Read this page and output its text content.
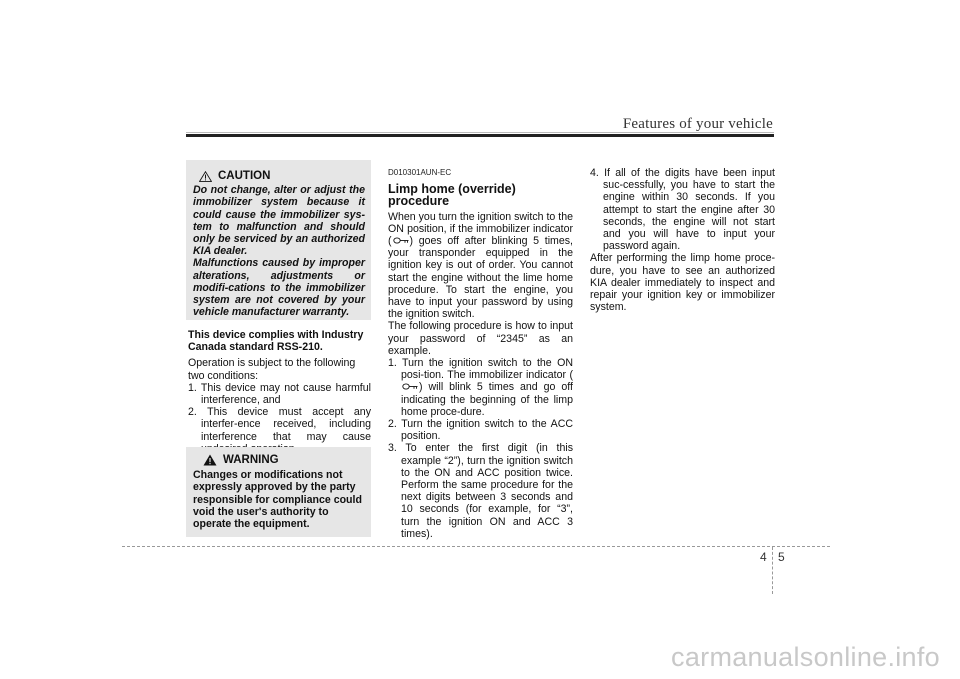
Features of your vehicle
CAUTION

Do not change, alter or adjust the immobilizer system because it could cause the immobilizer sys-tem to malfunction and should only be serviced by an authorized KIA dealer.

Malfunctions caused by improper alterations, adjustments or modifi-cations to the immobilizer system are not covered by your vehicle manufacturer warranty.

This device complies with Industry Canada standard RSS-210.

Operation is subject to the following two conditions:

1. This device may not cause harmful interference, and
2. This device must accept any interfer-ence received, including interference that may cause
WARNING

Changes or modifications not expressly approved by the party responsible for compliance could void the user's authority to operate the equipment.

D010301AUN-EC
Limp home (override) procedure

When you turn the ignition switch to the ON position, if the immobilizer indicator ( ) goes off after blinking 5 times, your transponder equipped in the ignition key is out of order. You cannot start the engine without the lime home procedure. To start the engine, you have to input your password by using the ignition switch.

The following procedure is how to input your password of “2345” as an example.

1. Turn the ignition switch to the ON posi-tion. The immobilizer indicator () will blink 5 times and go off indicating the beginning of the limp home proce-dure.
2. Turn the ignition switch to the ACC position.
3. To enter the first digit (in this example “2”), turn the ignition switch to the ON and ACC position twice. Perform the same procedure for the next digits between 3 seconds and 10 seconds (for example, for “3”, turn the ignition ON and ACC 3 times).
4. If all of the digits have been input suc-cessfully, you have to start the engine within 30 seconds. If you attempt to start the engine after 30 seconds, the engine will not start and you will have to input your password again.

After performing the limp home proce-dure, you have to see an authorized KIA dealer immediately to inspect and repair your ignition key or immobilizer system.

4 5
carmanualsonline.info
